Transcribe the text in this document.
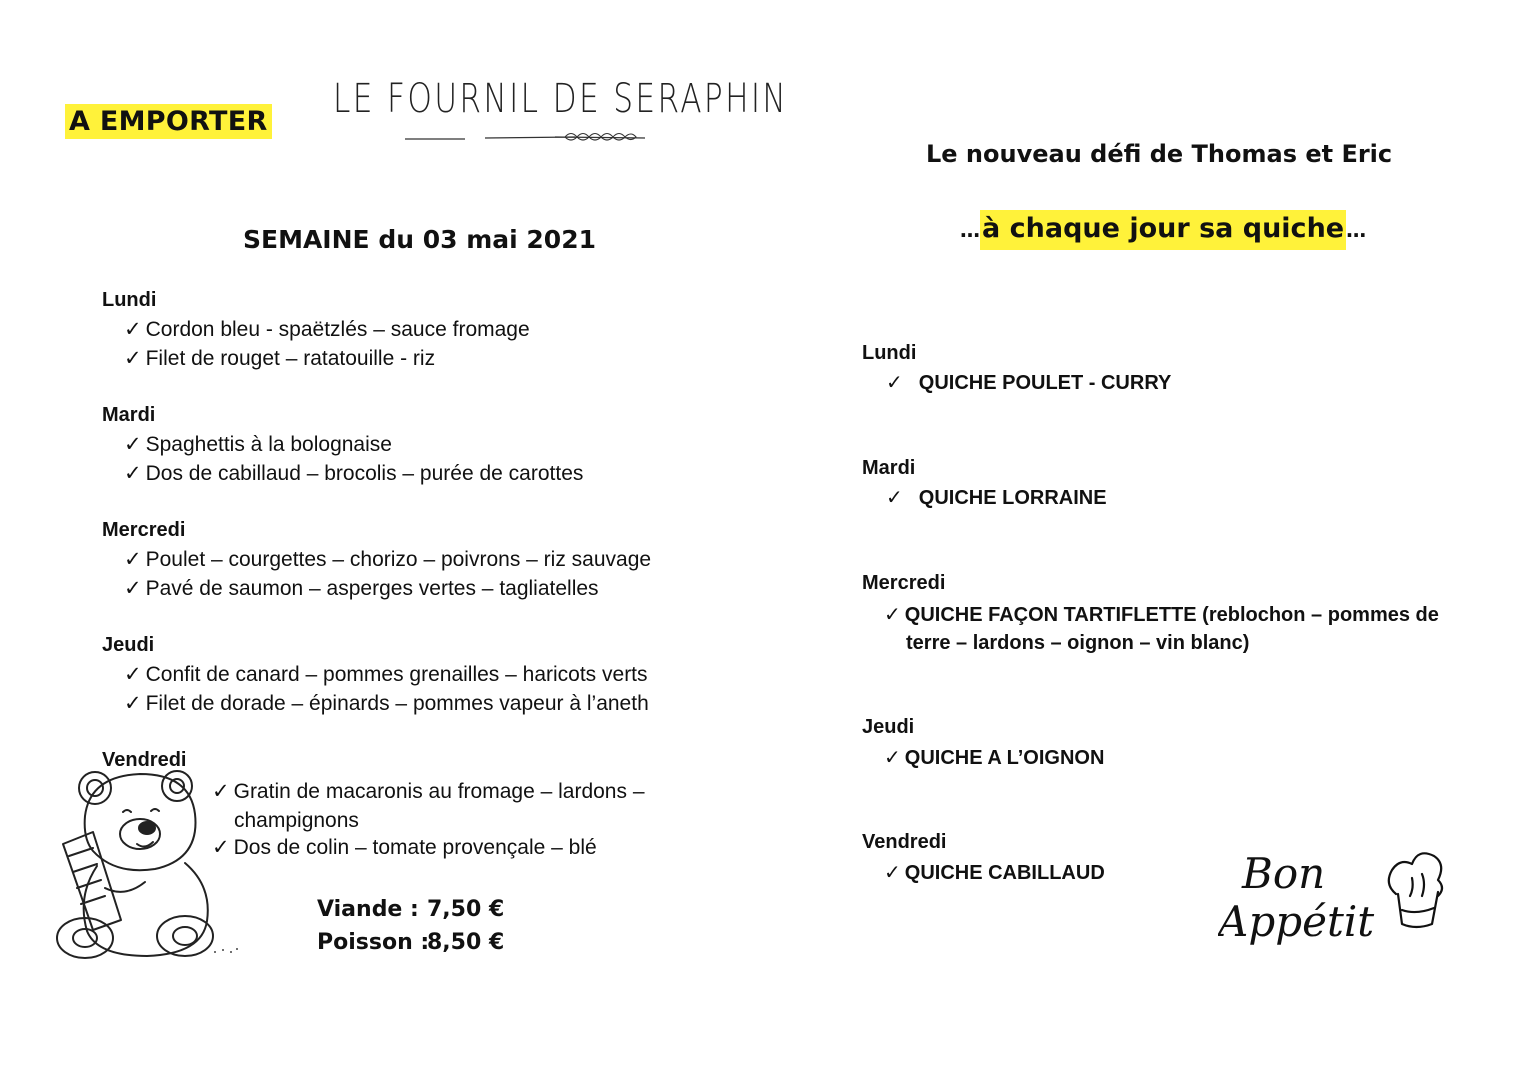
A EMPORTER LE FOURNIL DE SERAPHIN
SEMAINE du 03 mai 2021
Lundi
✓ Cordon bleu - spaëtzlés – sauce fromage
✓ Filet de rouget – ratatouille - riz
Mardi
✓ Spaghettis à la bolognaise
✓ Dos de cabillaud – brocolis – purée de carottes
Mercredi
✓ Poulet – courgettes – chorizo – poivrons – riz sauvage
✓ Pavé de saumon – asperges vertes – tagliatelles
Jeudi
✓ Confit de canard – pommes grenailles – haricots verts
✓ Filet de dorade – épinards – pommes vapeur à l’aneth
Vendredi
✓ Gratin de macaronis au fromage – lardons – champignons
✓ Dos de colin – tomate provençale – blé
Viande : 7,50 €
Poisson :8,50 €
Le nouveau défi de Thomas et Eric
…à chaque jour sa quiche …
Lundi
✓ QUICHE POULET - CURRY
Mardi
✓ QUICHE LORRAINE
Mercredi
✓ QUICHE FAÇON TARTIFLETTE (reblochon – pommes de terre – lardons – oignon – vin blanc)
Jeudi
✓ QUICHE A L’OIGNON
Vendredi
✓ QUICHE CABILLAUD	Bon
Appétit
